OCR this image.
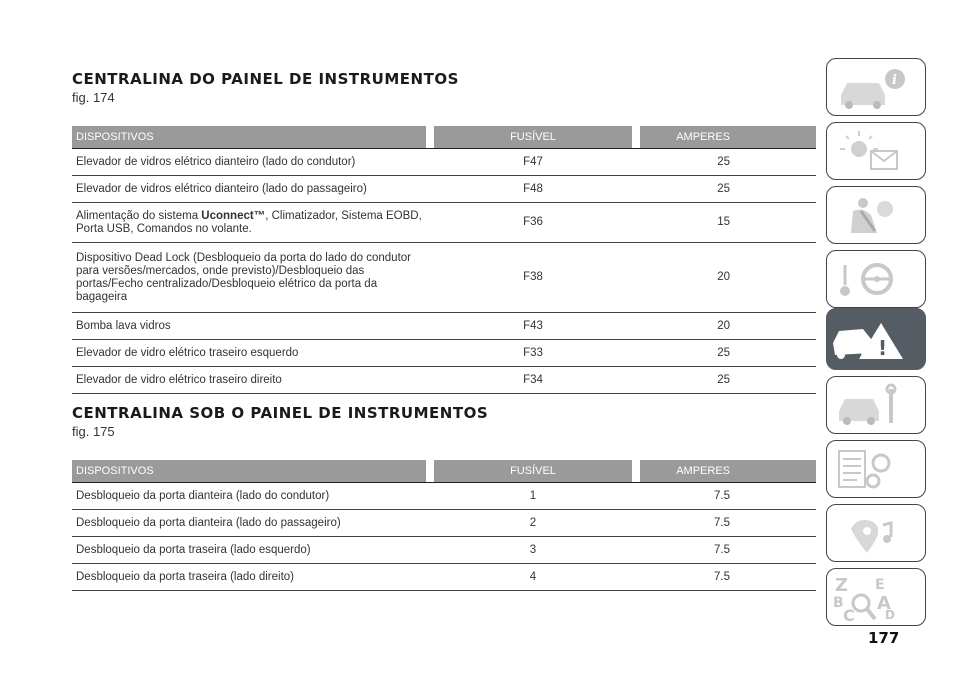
CENTRALINA DO PAINEL DE INSTRUMENTOS
fig. 174
DISPOSITIVOS		FUSÍVEL		AMPERES
Elevador de vidros elétrico dianteiro (lado do condutor)		F47		25
Elevador de vidros elétrico dianteiro (lado do passageiro)		F48		25
Alimentação do sistema Uconnect™, Climatizador, Sistema EOBD, Porta USB, Comandos no volante.		F36		15
Dispositivo Dead Lock (Desbloqueio da porta do lado do condutor para versões/mercados, onde previsto)/Desbloqueio das portas/Fecho centralizado/Desbloqueio elétrico da porta da bagageira		F38		20
Bomba lava vidros		F43		20
Elevador de vidro elétrico traseiro esquerdo		F33		25
Elevador de vidro elétrico traseiro direito		F34		25
CENTRALINA SOB O PAINEL DE INSTRUMENTOS
fig. 175
DISPOSITIVOS		FUSÍVEL		AMPERES
Desbloqueio da porta dianteira (lado do condutor)		1		7.5
Desbloqueio da porta dianteira (lado do passageiro)		2		7.5
Desbloqueio da porta traseira (lado esquerdo)		3		7.5
Desbloqueio da porta traseira (lado direito)		4		7.5
i
!
Z E
B A
C	D
177
